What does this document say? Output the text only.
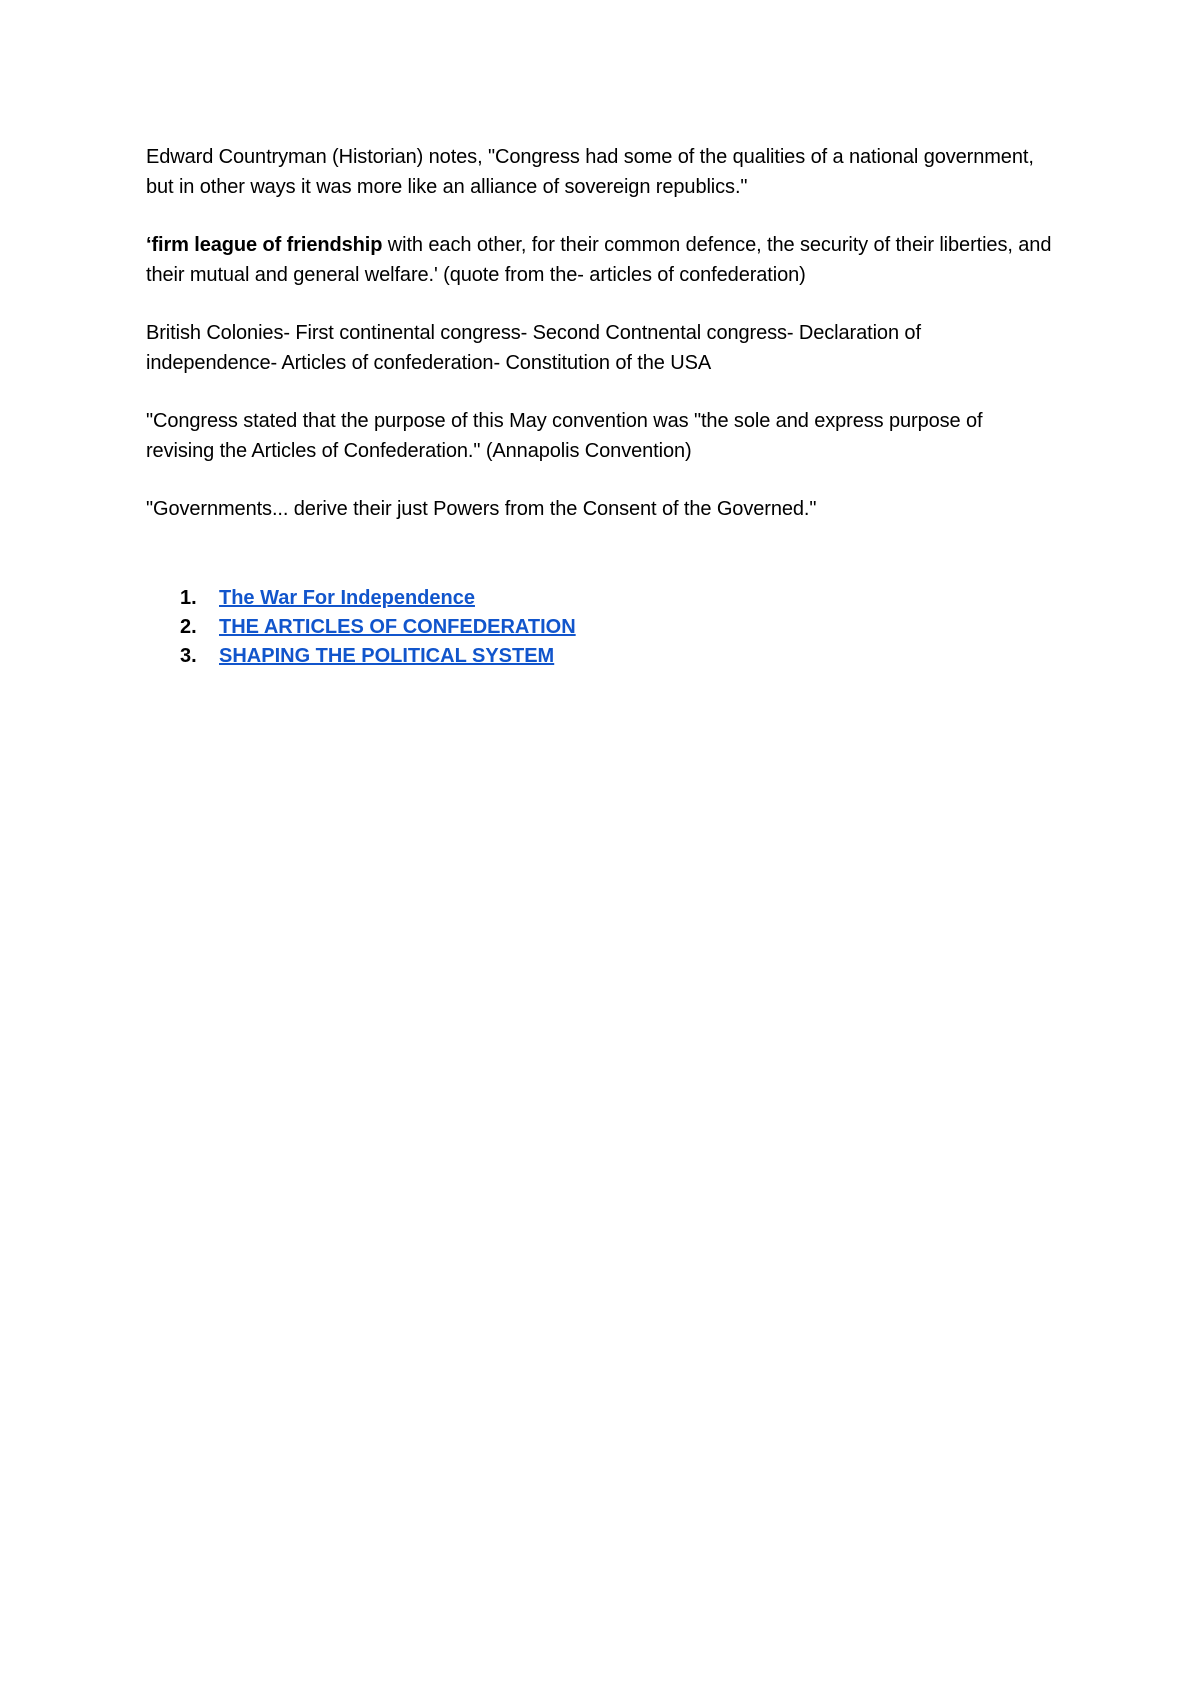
Edward Countryman (Historian) notes, "Congress had some of the qualities of a national government, but in other ways it was more like an alliance of sovereign republics."

‘firm league of friendship with each other, for their common defence, the security of their liberties, and their mutual and general welfare.' (quote from the- articles of confederation)

British Colonies- First continental congress- Second Contnental congress- Declaration of independence- Articles of confederation- Constitution of the USA

"Congress stated that the purpose of this May convention was "the sole and express purpose of revising the Articles of Confederation." (Annapolis Convention)

"Governments... derive their just Powers from the Consent of the Governed."

1.	The War For Independence
2.	THE ARTICLES OF CONFEDERATION
3.	SHAPING THE POLITICAL SYSTEM
